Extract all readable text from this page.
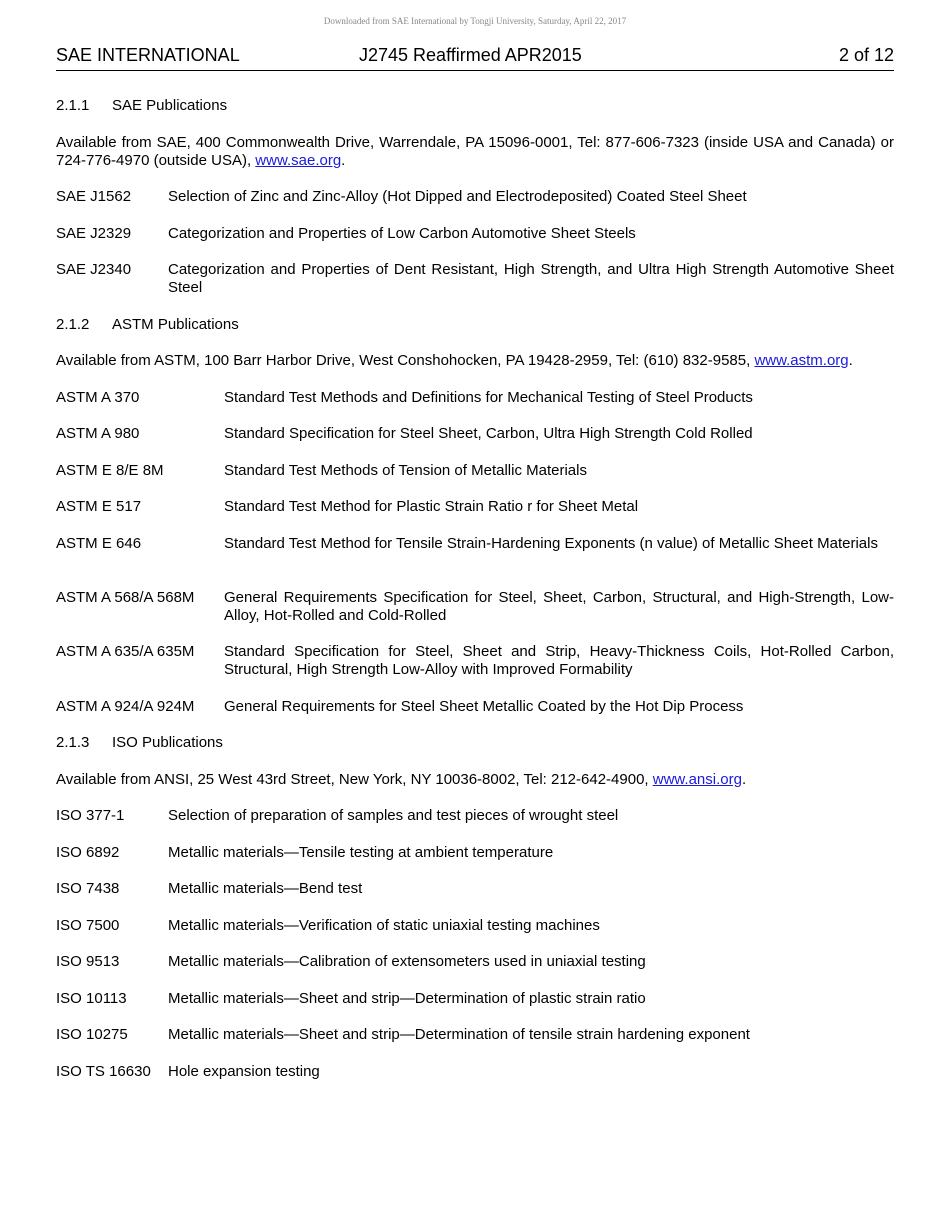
Downloaded from SAE International by Tongji University, Saturday, April 22, 2017
SAE INTERNATIONAL	J2745 Reaffirmed APR2015	2 of 12
2.1.1 SAE Publications
Available from SAE, 400 Commonwealth Drive, Warrendale, PA 15096-0001, Tel: 877-606-7323 (inside USA and Canada) or 724-776-4970 (outside USA), www.sae.org.
SAE J1562 Selection of Zinc and Zinc-Alloy (Hot Dipped and Electrodeposited) Coated Steel Sheet
SAE J2329 Categorization and Properties of Low Carbon Automotive Sheet Steels
SAE J2340 Categorization and Properties of Dent Resistant, High Strength, and Ultra High Strength Automotive Sheet Steel
2.1.2 ASTM Publications
Available from ASTM, 100 Barr Harbor Drive, West Conshohocken, PA 19428-2959, Tel: (610) 832-9585, www.astm.org.
ASTM A 370	Standard Test Methods and Definitions for Mechanical Testing of Steel Products
ASTM A 980	Standard Specification for Steel Sheet, Carbon, Ultra High Strength Cold Rolled
ASTM E 8/E 8M	Standard Test Methods of Tension of Metallic Materials
ASTM E 517	Standard Test Method for Plastic Strain Ratio r for Sheet Metal
ASTM E 646	Standard Test Method for Tensile Strain-Hardening Exponents (n value) of Metallic Sheet Materials
ASTM A 568/A 568M General Requirements Specification for Steel, Sheet, Carbon, Structural, and High-Strength, Low-Alloy, Hot-Rolled and Cold-Rolled
ASTM A 635/A 635M Standard Specification for Steel, Sheet and Strip, Heavy-Thickness Coils, Hot-Rolled Carbon, Structural, High Strength Low-Alloy with Improved Formability
ASTM A 924/A 924M General Requirements for Steel Sheet Metallic Coated by the Hot Dip Process
2.1.3 ISO Publications
Available from ANSI, 25 West 43rd Street, New York, NY 10036-8002, Tel: 212-642-4900, www.ansi.org.
ISO 377-1	Selection of preparation of samples and test pieces of wrought steel
ISO 6892	Metallic materials—Tensile testing at ambient temperature
ISO 7438	Metallic materials—Bend test
ISO 7500	Metallic materials—Verification of static uniaxial testing machines
ISO 9513	Metallic materials—Calibration of extensometers used in uniaxial testing
ISO 10113	Metallic materials—Sheet and strip—Determination of plastic strain ratio
ISO 10275	Metallic materials—Sheet and strip—Determination of tensile strain hardening exponent
ISO TS 16630 Hole expansion testing
